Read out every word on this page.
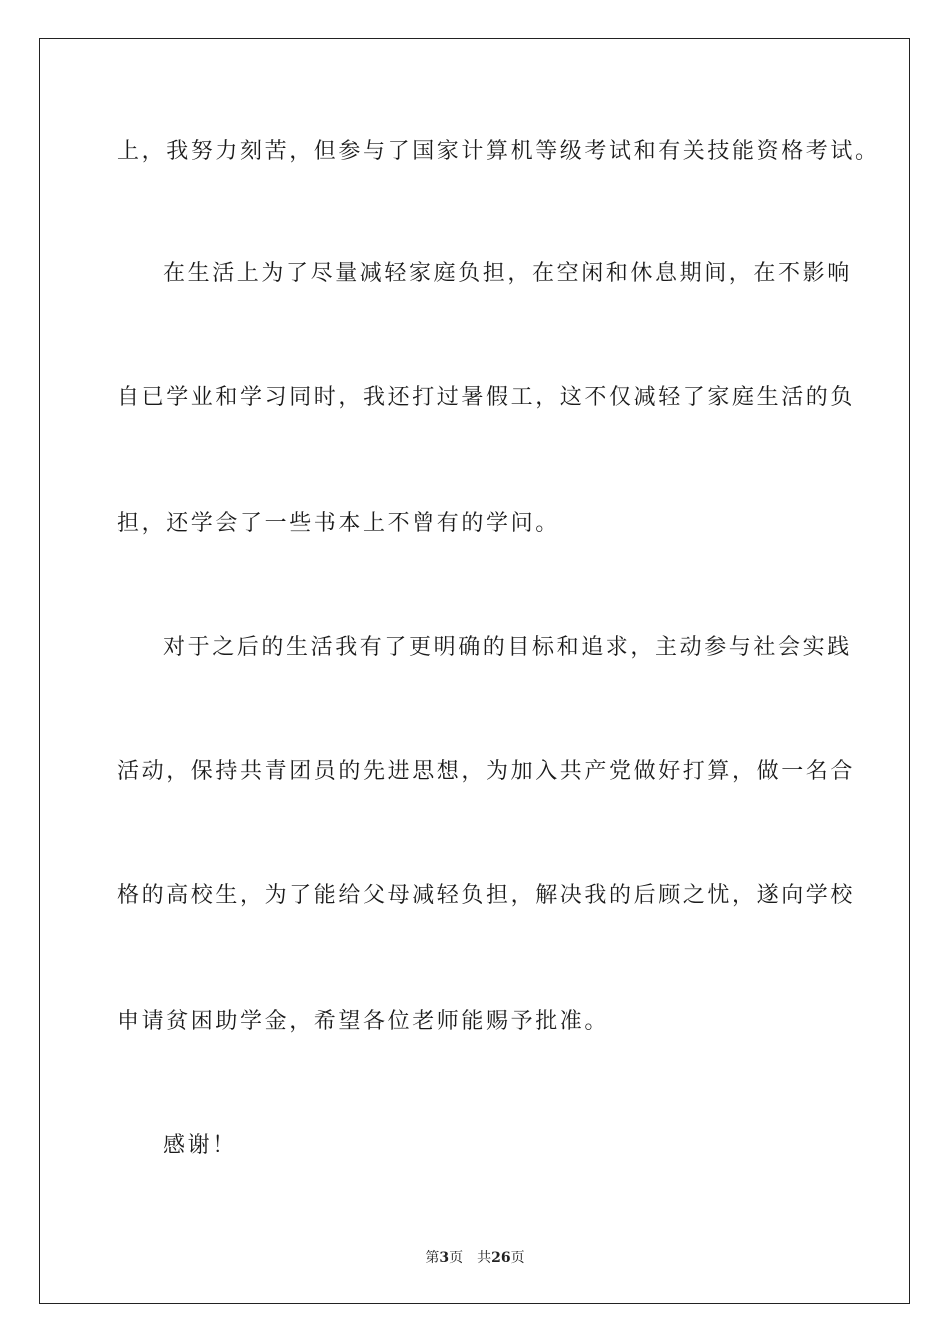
上，我努力刻苦，但参与了国家计算机等级考试和有关技能资格考试。
在生活上为了尽量减轻家庭负担，在空闲和休息期间，在不影响
自已学业和学习同时，我还打过暑假工，这不仅减轻了家庭生活的负
担，还学会了一些书本上不曾有的学问。
对于之后的生活我有了更明确的目标和追求，主动参与社会实践
活动，保持共青团员的先进思想，为加入共产党做好打算，做一名合
格的高校生，为了能给父母减轻负担，解决我的后顾之忧，遂向学校
申请贫困助学金，希望各位老师能赐予批准。
感谢！
第3页 共26页
